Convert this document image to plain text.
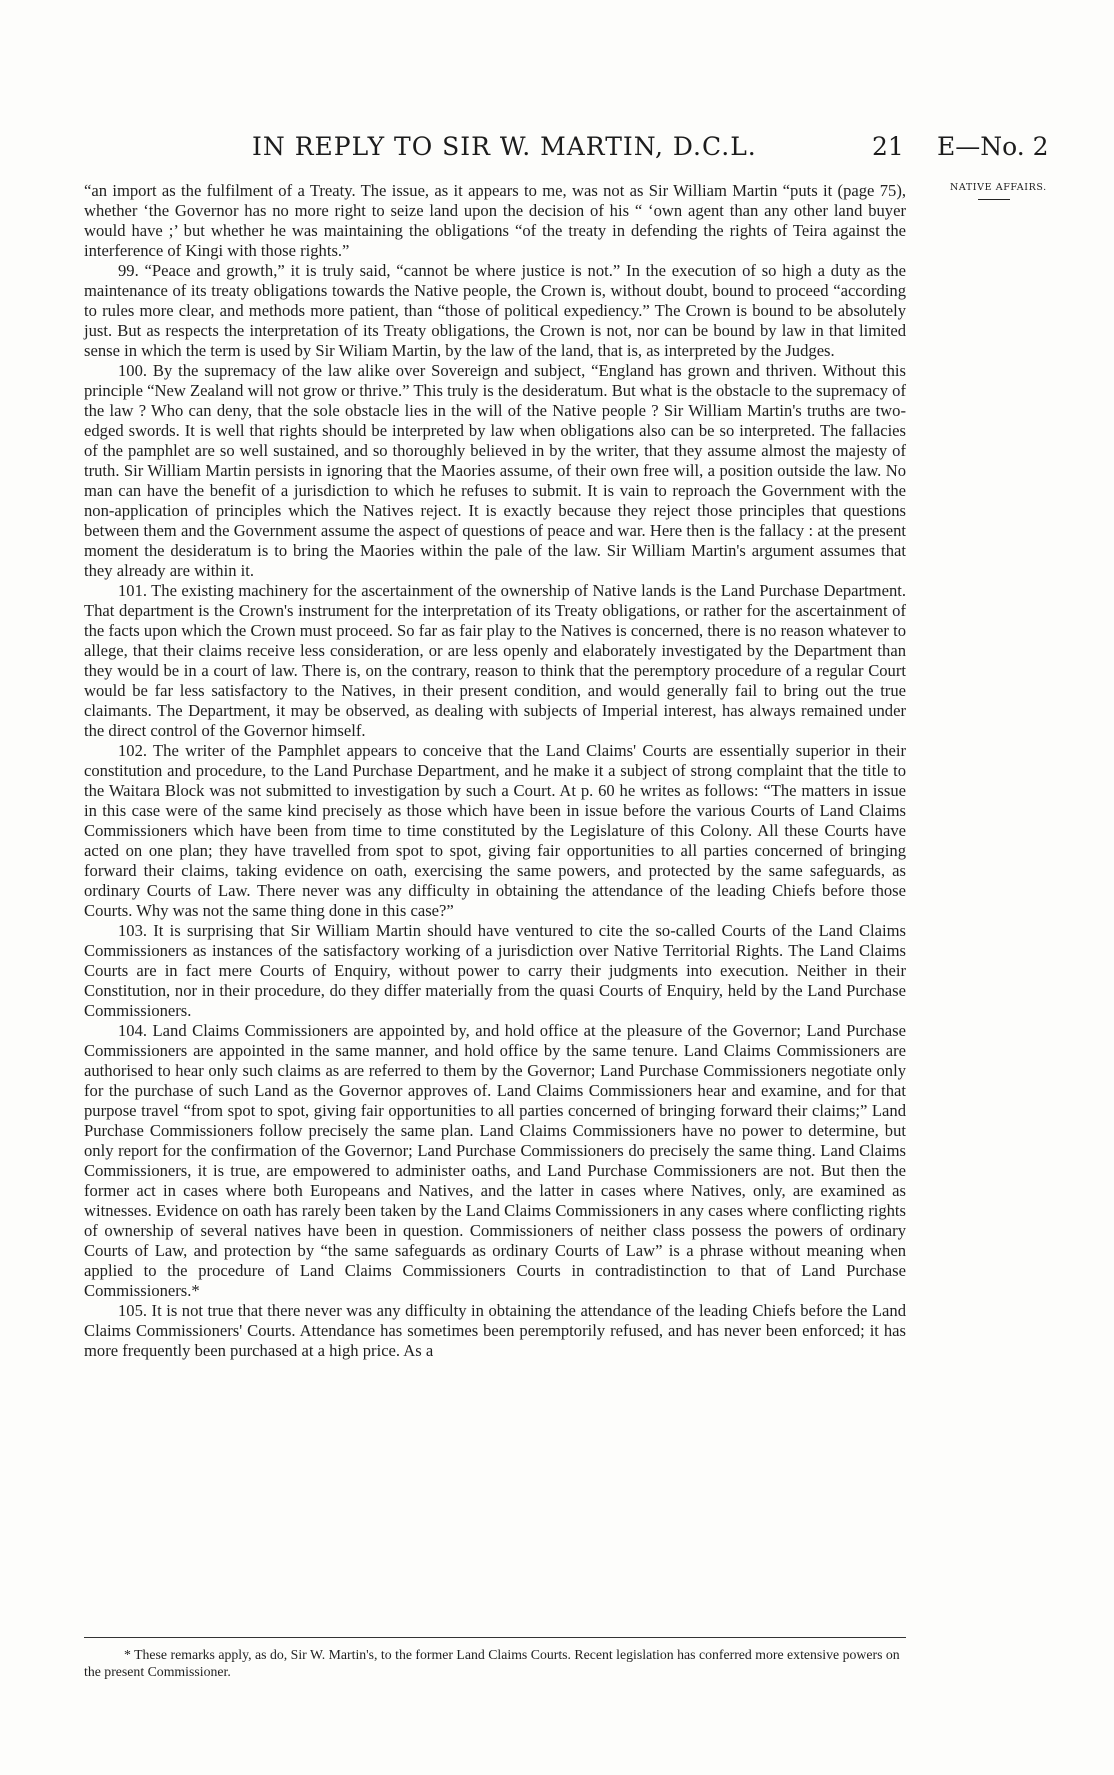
IN REPLY TO SIR W. MARTIN, D.C.L.	21 E—No. 2
NATIVE AFFAIRS.

“an import as the fulfilment of a Treaty. The issue, as it appears to me, was not as Sir William Martin “puts it (page 75), whether ‘the Governor has no more right to seize land upon the decision of his “ ‘own agent than any other land buyer would have ;’ but whether he was maintaining the obligations “of the treaty in defending the rights of Teira against the interference of Kingi with those rights.”

99. “Peace and growth,” it is truly said, “cannot be where justice is not.” In the execution of so high a duty as the maintenance of its treaty obligations towards the Native people, the Crown is, without doubt, bound to proceed “according to rules more clear, and methods more patient, than “those of political expediency.” The Crown is bound to be absolutely just. But as respects the interpretation of its Treaty obligations, the Crown is not, nor can be bound by law in that limited sense in which the term is used by Sir Wiliam Martin, by the law of the land, that is, as interpreted by the Judges.

100. By the supremacy of the law alike over Sovereign and subject, “England has grown and thriven. Without this principle “New Zealand will not grow or thrive.” This truly is the desideratum. But what is the obstacle to the supremacy of the law ? Who can deny, that the sole obstacle lies in the will of the Native people ? Sir William Martin's truths are two-edged swords. It is well that rights should be interpreted by law when obligations also can be so interpreted. The fallacies of the pamphlet are so well sustained, and so thoroughly believed in by the writer, that they assume almost the majesty of truth. Sir William Martin persists in ignoring that the Maories assume, of their own free will, a position outside the law. No man can have the benefit of a jurisdiction to which he refuses to submit. It is vain to reproach the Government with the non-application of principles which the Natives reject. It is exactly because they reject those principles that questions between them and the Government assume the aspect of questions of peace and war. Here then is the fallacy : at the present moment the desideratum is to bring the Maories within the pale of the law. Sir William Martin's argument assumes that they already are within it.

101. The existing machinery for the ascertainment of the ownership of Native lands is the Land Purchase Department. That department is the Crown's instrument for the interpretation of its Treaty obligations, or rather for the ascertainment of the facts upon which the Crown must proceed. So far as fair play to the Natives is concerned, there is no reason whatever to allege, that their claims receive less consideration, or are less openly and elaborately investigated by the Department than they would be in a court of law. There is, on the contrary, reason to think that the peremptory procedure of a regular Court would be far less satisfactory to the Natives, in their present condition, and would generally fail to bring out the true claimants. The Department, it may be observed, as dealing with subjects of Imperial interest, has always remained under the direct control of the Governor himself.

102. The writer of the Pamphlet appears to conceive that the Land Claims' Courts are essentially superior in their constitution and procedure, to the Land Purchase Department, and he make it a subject of strong complaint that the title to the Waitara Block was not submitted to investigation by such a Court. At p. 60 he writes as follows: “The matters in issue in this case were of the same kind precisely as those which have been in issue before the various Courts of Land Claims Commissioners which have been from time to time constituted by the Legislature of this Colony. All these Courts have acted on one plan; they have travelled from spot to spot, giving fair opportunities to all parties concerned of bringing forward their claims, taking evidence on oath, exercising the same powers, and protected by the same safeguards, as ordinary Courts of Law. There never was any difficulty in obtaining the attendance of the leading Chiefs before those Courts. Why was not the same thing done in this case?”

103. It is surprising that Sir William Martin should have ventured to cite the so-called Courts of the Land Claims Commissioners as instances of the satisfactory working of a jurisdiction over Native Territorial Rights. The Land Claims Courts are in fact mere Courts of Enquiry, without power to carry their judgments into execution. Neither in their Constitution, nor in their procedure, do they differ materially from the quasi Courts of Enquiry, held by the Land Purchase Commissioners.

104. Land Claims Commissioners are appointed by, and hold office at the pleasure of the Governor; Land Purchase Commissioners are appointed in the same manner, and hold office by the same tenure. Land Claims Commissioners are authorised to hear only such claims as are referred to them by the Governor; Land Purchase Commissioners negotiate only for the purchase of such Land as the Governor approves of. Land Claims Commissioners hear and examine, and for that purpose travel “from spot to spot, giving fair opportunities to all parties concerned of bringing forward their claims;” Land Purchase Commissioners follow precisely the same plan. Land Claims Commissioners have no power to determine, but only report for the confirmation of the Governor; Land Purchase Commissioners do precisely the same thing. Land Claims Commissioners, it is true, are empowered to administer oaths, and Land Purchase Commissioners are not. But then the former act in cases where both Europeans and Natives, and the latter in cases where Natives, only, are examined as witnesses. Evidence on oath has rarely been taken by the Land Claims Commissioners in any cases where conflicting rights of ownership of several natives have been in question. Commissioners of neither class possess the powers of ordinary Courts of Law, and protection by “the same safeguards as ordinary Courts of Law” is a phrase without meaning when applied to the procedure of Land Claims Commissioners Courts in contradistinction to that of Land Purchase Commissioners.*

105. It is not true that there never was any difficulty in obtaining the attendance of the leading Chiefs before the Land Claims Commissioners' Courts. Attendance has sometimes been peremptorily refused, and has never been enforced; it has more frequently been purchased at a high price. As a

* These remarks apply, as do, Sir W. Martin's, to the former Land Claims Courts. Recent legislation has conferred more extensive powers on the present Commissioner.
